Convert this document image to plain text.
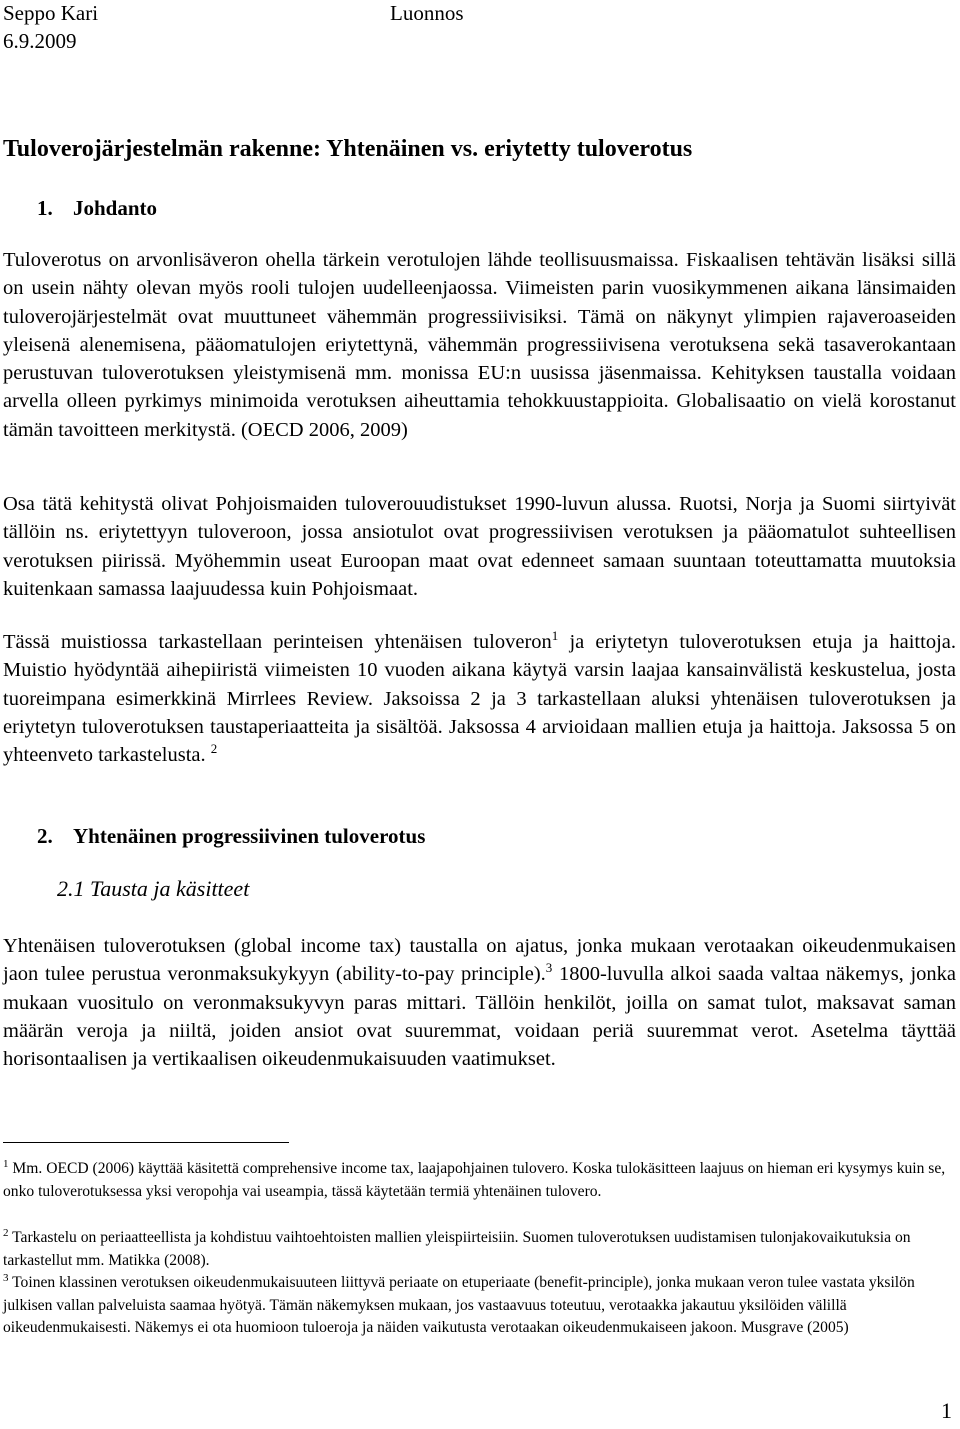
Seppo Kari
6.9.2009
Luonnos
Tuloverojärjestelmän rakenne: Yhtenäinen vs. eriytetty tuloverotus
1. Johdanto
Tuloverotus on arvonlisäveron ohella tärkein verotulojen lähde teollisuusmaissa. Fiskaalisen tehtävän lisäksi sillä on usein nähty olevan myös rooli tulojen uudelleenjaossa. Viimeisten parin vuosikymmenen aikana länsimaiden tuloverojärjestelmät ovat muuttuneet vähemmän progressiivisiksi. Tämä on näkynyt ylimpien rajaveroaseiden yleisenä alenemisena, pääomatulojen eriytettynä, vähemmän progressiivisena verotuksena sekä tasaverokantaan perustuvan tuloverotuksen yleistymisenä mm. monissa EU:n uusissa jäsenmaissa. Kehityksen taustalla voidaan arvella olleen pyrkimys minimoida verotuksen aiheuttamia tehokkuustappioita. Globalisaatio on vielä korostanut tämän tavoitteen merkitystä. (OECD 2006, 2009)
Osa tätä kehitystä olivat Pohjoismaiden tuloverouudistukset 1990-luvun alussa. Ruotsi, Norja ja Suomi siirtyivät tällöin ns. eriytettyyn tuloveroon, jossa ansiotulot ovat progressiivisen verotuksen ja pääomatulot suhteellisen verotuksen piirissä. Myöhemmin useat Euroopan maat ovat edenneet samaan suuntaan toteuttamatta muutoksia kuitenkaan samassa laajuudessa kuin Pohjoismaat.
Tässä muistiossa tarkastellaan perinteisen yhtenäisen tuloveron$^1$ ja eriytetyn tuloverotuksen etuja ja haittoja. Muistio hyödyntää aihepiiristä viimeisten 10 vuoden aikana käytyä varsin laajaa kansainvälistä keskustelua, josta tuoreimpana esimerkkinä Mirrlees Review. Jaksoissa 2 ja 3 tarkastellaan aluksi yhtenäisen tuloverotuksen ja eriytetyn tuloverotuksen taustaperiaatteita ja sisältöä. Jaksossa 4 arvioidaan mallien etuja ja haittoja. Jaksossa 5 on yhteenveto tarkastelusta. $^2$
2. Yhtenäinen progressiivinen tuloverotus
2.1 Tausta ja käsitteet
Yhtenäisen tuloverotuksen (global income tax) taustalla on ajatus, jonka mukaan verotaakan oikeudenmukaisen jaon tulee perustua veronmaksukykyyn (ability-to-pay principle).$^3$ 1800-luvulla alkoi saada valtaa näkemys, jonka mukaan vuositulo on veronmaksukyvyn paras mittari. Tällöin henkilöt, joilla on samat tulot, maksavat saman määrän veroja ja niiltä, joiden ansiot ovat suuremmat, voidaan periä suuremmat verot. Asetelma täyttää horisontaalisen ja vertikaalisen oikeudenmukaisuuden vaatimukset.
$^1$ Mm. OECD (2006) käyttää käsitettä comprehensive income tax, laajapohjainen tulovero. Koska tulokäsitteen laajuus on hieman eri kysymys kuin se, onko tuloverotuksessa yksi veropohja vai useampia, tässä käytetään termiä yhtenäinen tulovero.
$^2$ Tarkastelu on periaatteellista ja kohdistuu vaihtoehtoisten mallien yleispiirteisiin. Suomen tuloverotuksen uudistamisen tulonjakovaikutuksia on tarkastellut mm. Matikka (2008).
$^3$ Toinen klassinen verotuksen oikeudenmukaisuuteen liittyvä periaate on etuperiaate (benefit-principle), jonka mukaan veron tulee vastata yksilön julkisen vallan palveluista saamaa hyötyä. Tämän näkemyksen mukaan, jos vastaavuus toteutuu, verotaakka jakautuu yksilöiden välillä oikeudenmukaisesti. Näkemys ei ota huomioon tuloeroja ja näiden vaikutusta verotaakan oikeudenmukaiseen jakoon. Musgrave (2005)
1
